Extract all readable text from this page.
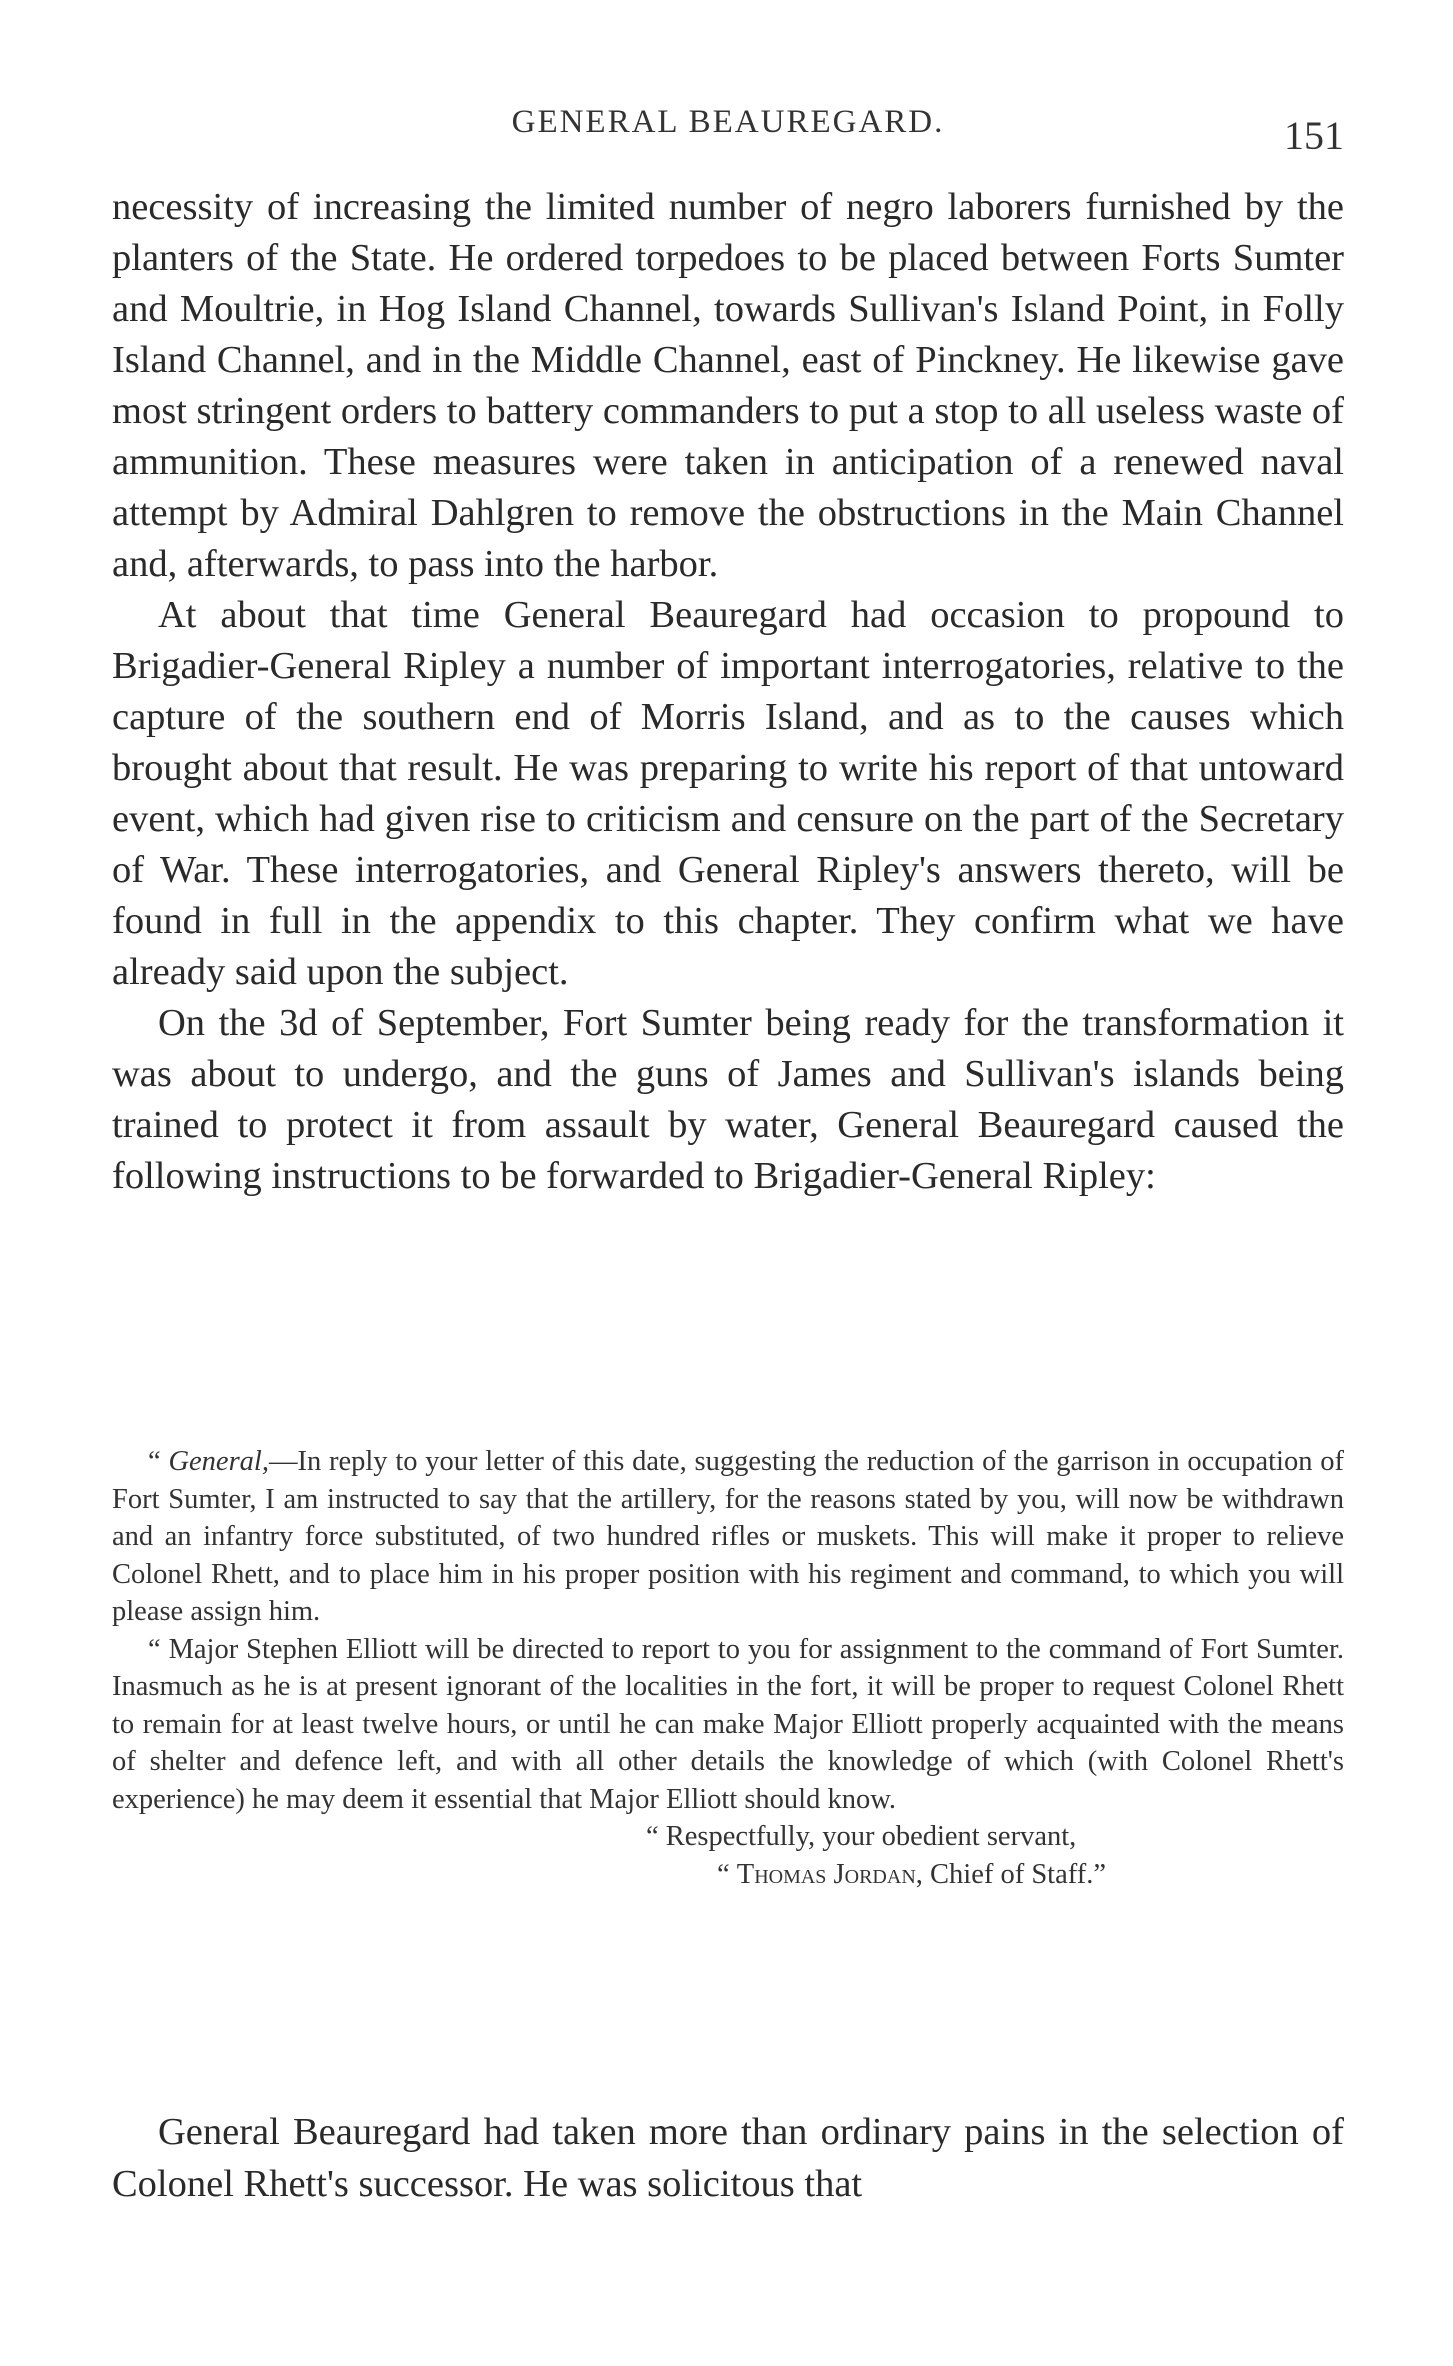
GENERAL BEAUREGARD.	151

necessity of increasing the limited number of negro laborers furnished by the planters of the State. He ordered torpedoes to be placed between Forts Sumter and Moultrie, in Hog Island Channel, towards Sullivan's Island Point, in Folly Island Channel, and in the Middle Channel, east of Pinckney. He likewise gave most stringent orders to battery commanders to put a stop to all useless waste of ammunition. These measures were taken in anticipation of a renewed naval attempt by Admiral Dahlgren to remove the obstructions in the Main Channel and, afterwards, to pass into the harbor.

At about that time General Beauregard had occasion to propound to Brigadier-General Ripley a number of important interrogatories, relative to the capture of the southern end of Morris Island, and as to the causes which brought about that result. He was preparing to write his report of that untoward event, which had given rise to criticism and censure on the part of the Secretary of War. These interrogatories, and General Ripley's answers thereto, will be found in full in the appendix to this chapter. They confirm what we have already said upon the subject.

On the 3d of September, Fort Sumter being ready for the transformation it was about to undergo, and the guns of James and Sullivan's islands being trained to protect it from assault by water, General Beauregard caused the following instructions to be forwarded to Brigadier-General Ripley:

“ General,—In reply to your letter of this date, suggesting the reduction of the garrison in occupation of Fort Sumter, I am instructed to say that the artillery, for the reasons stated by you, will now be withdrawn and an infantry force substituted, of two hundred rifles or muskets. This will make it proper to relieve Colonel Rhett, and to place him in his proper position with his regiment and command, to which you will please assign him.

“ Major Stephen Elliott will be directed to report to you for assignment to the command of Fort Sumter. Inasmuch as he is at present ignorant of the localities in the fort, it will be proper to request Colonel Rhett to remain for at least twelve hours, or until he can make Major Elliott properly acquainted with the means of shelter and defence left, and with all other details the knowledge of which (with Colonel Rhett's experience) he may deem it essential that Major Elliott should know.

“ Respectfully, your obedient servant,
“ Thomas Jordan, Chief of Staff.”

General Beauregard had taken more than ordinary pains in the selection of Colonel Rhett's successor. He was solicitous that
